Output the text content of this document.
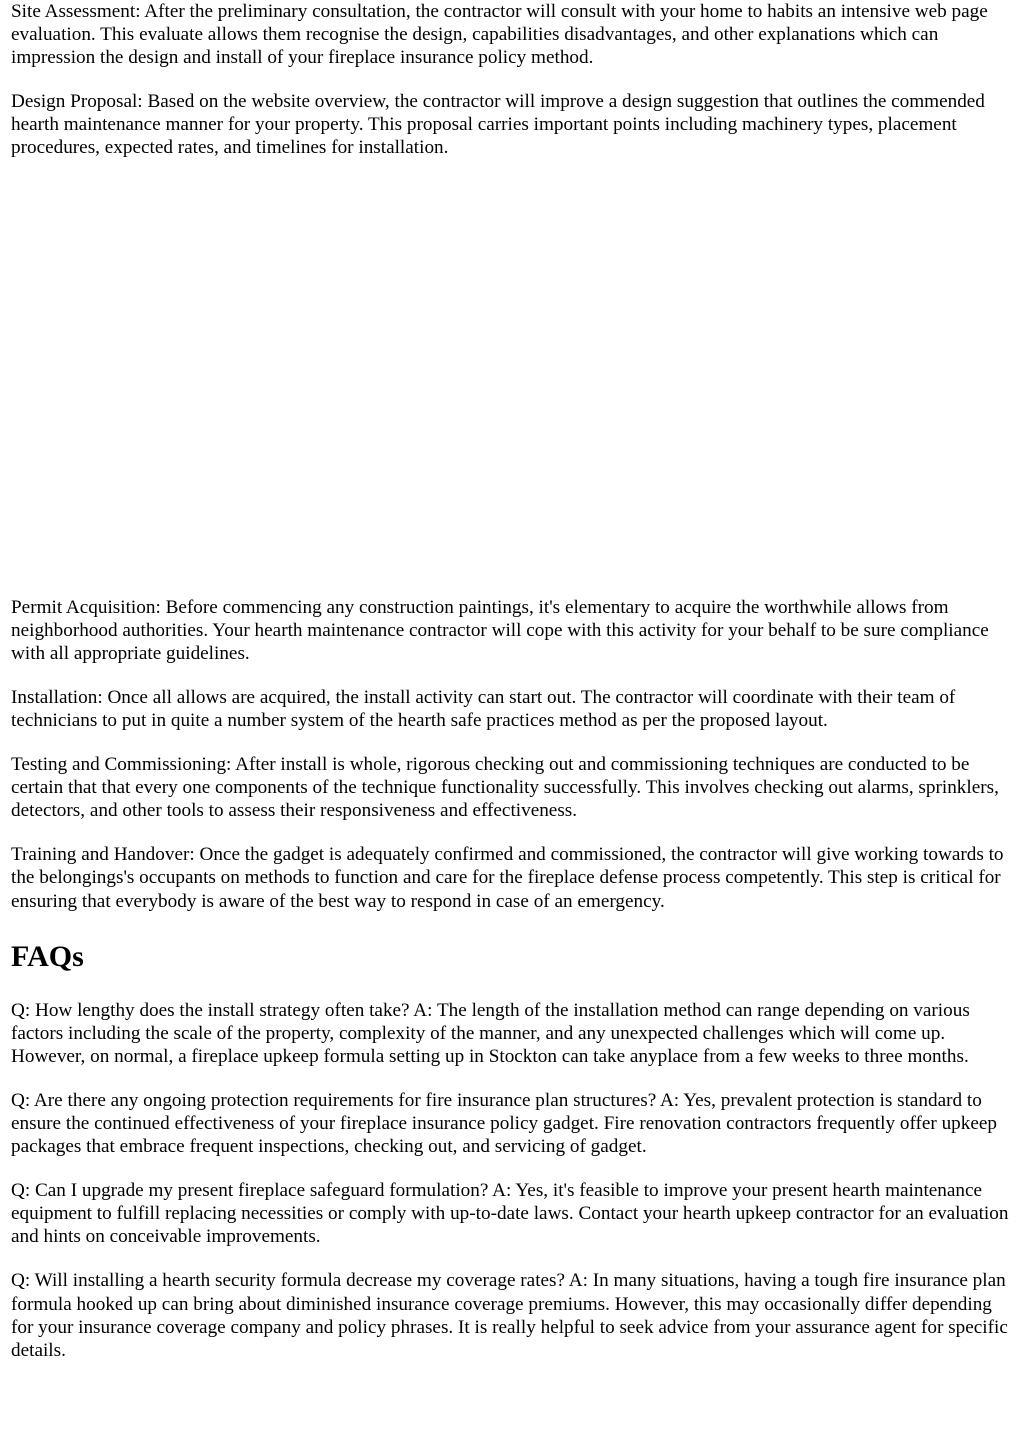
Site Assessment: After the preliminary consultation, the contractor will consult with your home to habits an intensive web page evaluation. This evaluate allows them recognise the design, capabilities disadvantages, and other explanations which can impression the design and install of your fireplace insurance policy method.

Design Proposal: Based on the website overview, the contractor will improve a design suggestion that outlines the commended hearth maintenance manner for your property. This proposal carries important points including machinery types, placement procedures, expected rates, and timelines for installation.

Permit Acquisition: Before commencing any construction paintings, it's elementary to acquire the worthwhile allows from neighborhood authorities. Your hearth maintenance contractor will cope with this activity for your behalf to be sure compliance with all appropriate guidelines.

Installation: Once all allows are acquired, the install activity can start out. The contractor will coordinate with their team of technicians to put in quite a number system of the hearth safe practices method as per the proposed layout.

Testing and Commissioning: After install is whole, rigorous checking out and commissioning techniques are conducted to be certain that that every one components of the technique functionality successfully. This involves checking out alarms, sprinklers, detectors, and other tools to assess their responsiveness and effectiveness.

Training and Handover: Once the gadget is adequately confirmed and commissioned, the contractor will give working towards to the belongings's occupants on methods to function and care for the fireplace defense process competently. This step is critical for ensuring that everybody is aware of the best way to respond in case of an emergency.

FAQs

Q: How lengthy does the install strategy often take? A: The length of the installation method can range depending on various factors including the scale of the property, complexity of the manner, and any unexpected challenges which will come up. However, on normal, a fireplace upkeep formula setting up in Stockton can take anyplace from a few weeks to three months.

Q: Are there any ongoing protection requirements for fire insurance plan structures? A: Yes, prevalent protection is standard to ensure the continued effectiveness of your fireplace insurance policy gadget. Fire renovation contractors frequently offer upkeep packages that embrace frequent inspections, checking out, and servicing of gadget.

Q: Can I upgrade my present fireplace safeguard formulation? A: Yes, it's feasible to improve your present hearth maintenance equipment to fulfill replacing necessities or comply with up-to-date laws. Contact your hearth upkeep contractor for an evaluation and hints on conceivable improvements.

Q: Will installing a hearth security formula decrease my coverage rates? A: In many situations, having a tough fire insurance plan formula hooked up can bring about diminished insurance coverage premiums. However, this may occasionally differ depending for your insurance coverage company and policy phrases. It is really helpful to seek advice from your assurance agent for specific details.
